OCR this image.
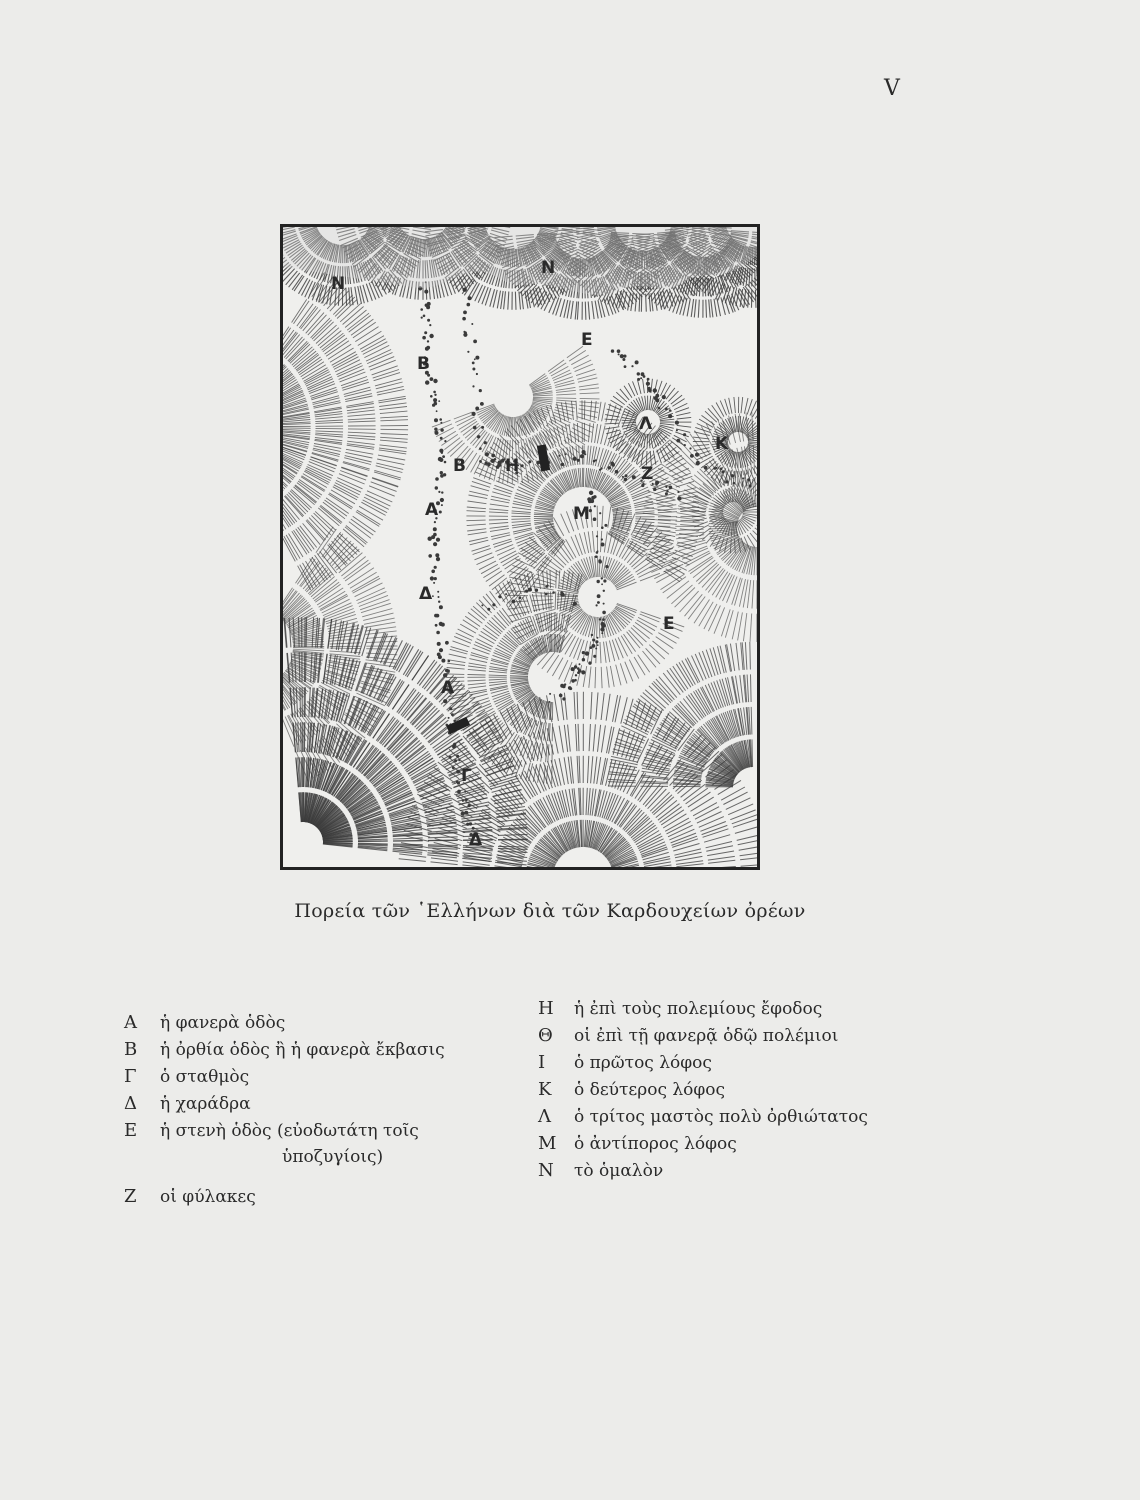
V
N
N
Ε
B
Λ
Κ
Β Η	Ζ
Α	Μ
Δ
Ε
Α
Γ
Δ
Πορεία τῶν ῾Ελλήνων διὰ τῶν Καρδουχείων ὀρέων
Α	ἡ φανερὰ ὁδὸς
Β	ἡ ὀρθία ὁδὸς ἢ ἡ φανερὰ ἔκβασις
Γ	ὁ σταθμὸς
Δ	ἡ χαράδρα
Ε	ἡ στενὴ ὁδὸς (εὐοδωτάτη τοῖς
ὑποζυγίοις)
Ζ	οἱ φύλακες
Η	ἡ ἐπὶ τοὺς πολεμίους ἔφοδος
Θ	οἱ ἐπὶ τῇ φανερᾷ ὁδῷ πολέμιοι
Ι	ὁ πρῶτος λόφος
Κ	ὁ δεύτερος λόφος
Λ	ὁ τρίτος μαστὸς πολὺ ὀρθιώτατος
Μ	ὁ ἀντίπορος λόφος
Ν	τὸ ὁμαλὸν
